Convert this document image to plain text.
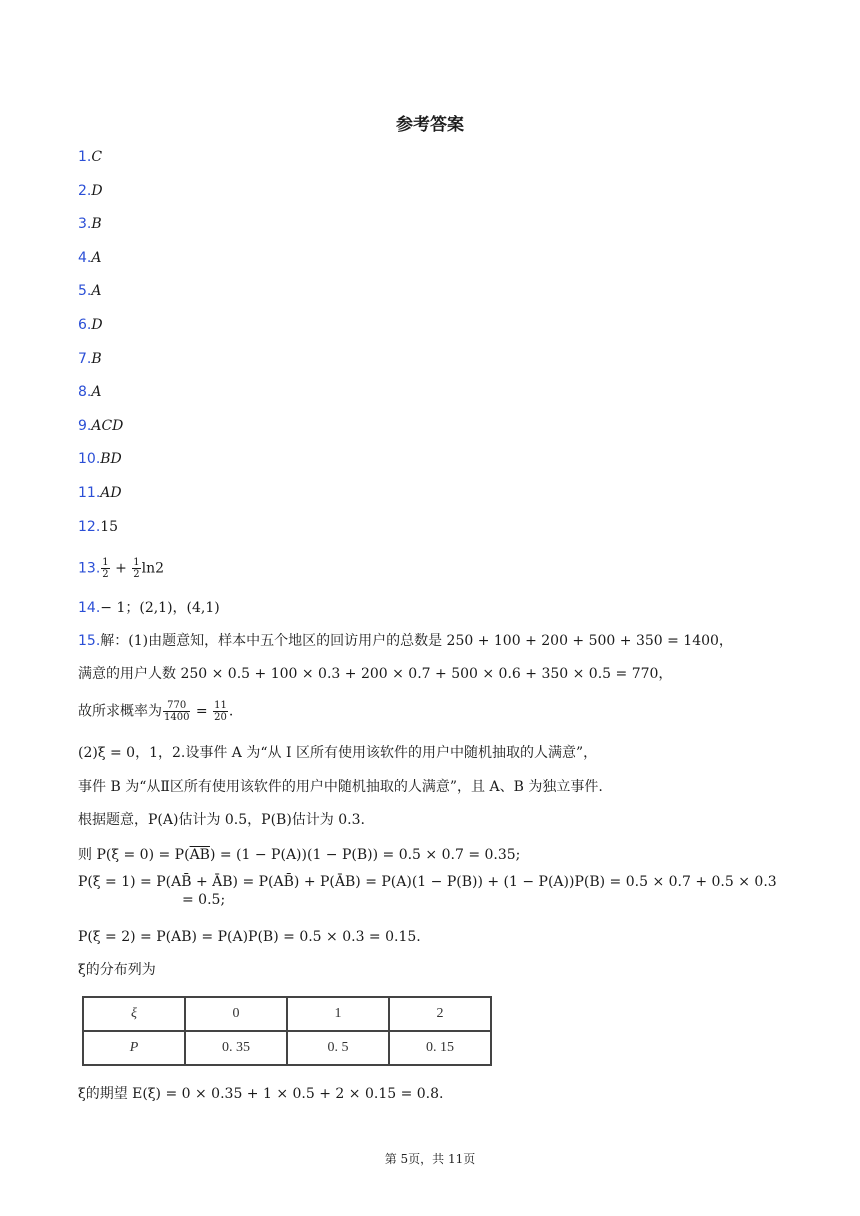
参考答案
1.C
2.D
3.B
4.A
5.A
6.D
7.B
8.A
9.ACD
10.BD
11.AD
12.15
13. $\frac{1}{2} + \frac{1}{2} \ln 2$
14.− 1；(2,1)，(4,1)
15.解：(1)由题意知，样本中五个地区的回访用户的总数是 250 + 100 + 200 + 500 + 350 = 1400，
满意的用户人数 250 × 0.5 + 100 × 0.3 + 200 × 0.7 + 500 × 0.6 + 350 × 0.5 = 770，
故所求概率为 $\frac{770}{1400} = \frac{11}{20}$ .
(2)ξ = 0，1，2.设事件 A 为“从 I 区所有使用该软件的用户中随机抽取的人满意”，
事件 B 为“从Ⅱ区所有使用该软件的用户中随机抽取的人满意”，且 A、B 为独立事件.
根据题意，P(A)估计为 0.5，P(B)估计为 0.3.
则 $P(\xi = 0) = P(\overline{AB}) = (1 - P(A))(1 - P(B)) = 0.5 \times 0.7 = 0.35$;
P(ξ = 1) = P(AB̄ + ĀB) = P(AB̄) + P(ĀB) = P(A)(1 − P(B)) + (1 − P(A))P(B) = 0.5 × 0.7 + 0.5 × 0.3
= 0.5;
P(ξ = 2) = P(AB) = P(A)P(B) = 0.5 × 0.3 = 0.15.
ξ的分布列为
ξ	0	1	2
P	0. 35	0. 5	0. 15
ξ的期望 E(ξ) = 0 × 0.35 + 1 × 0.5 + 2 × 0.15 = 0.8.
第 5页，共 11页
